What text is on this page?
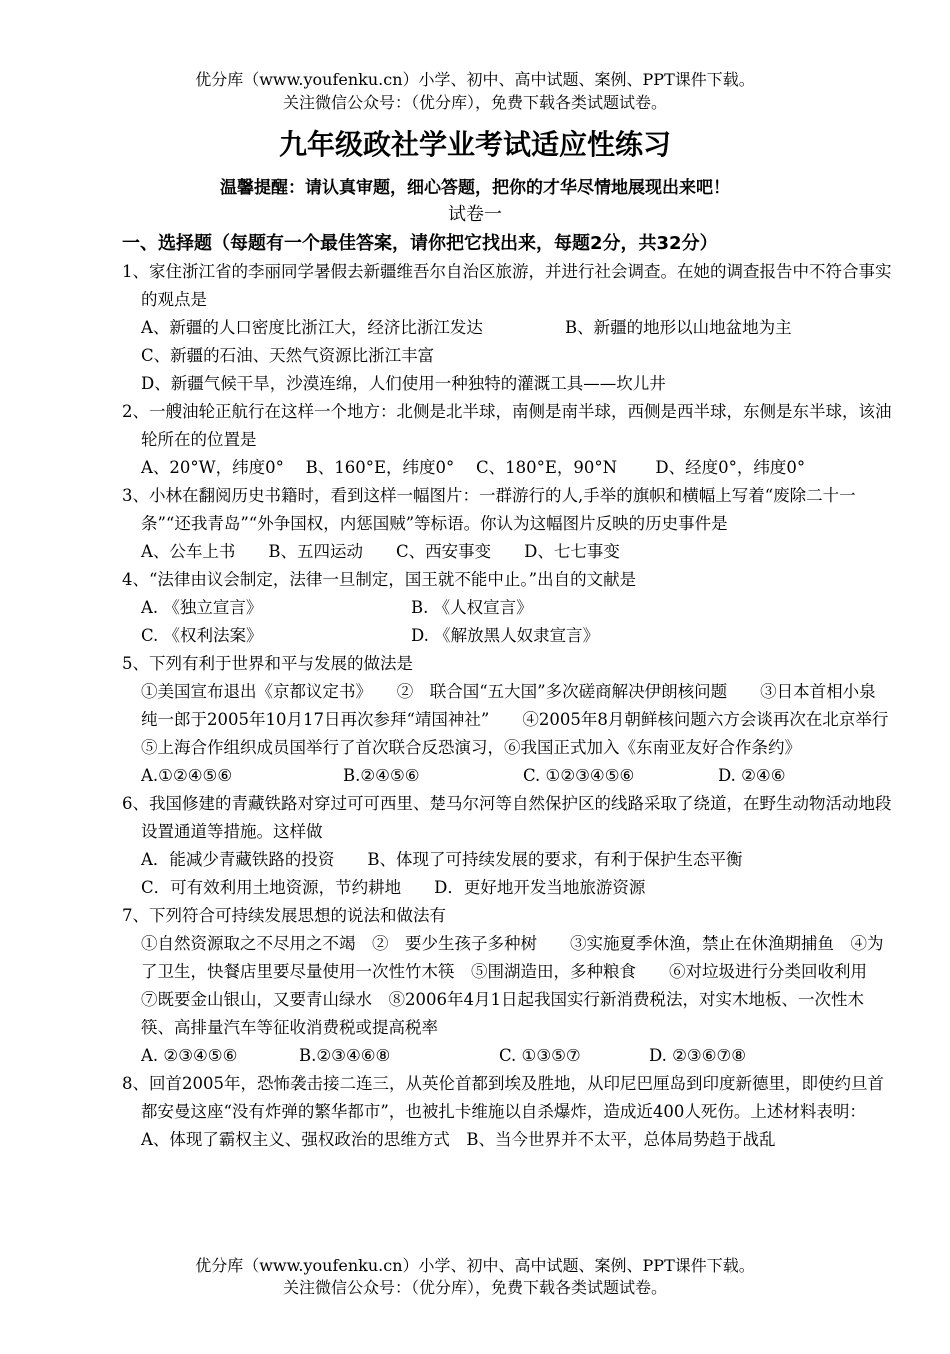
优分库（www.youfenku.cn）小学、初中、高中试题、案例、PPT课件下载。
关注微信公众号：（优分库），免费下载各类试题试卷。
九年级政社学业考试适应性练习
温馨提醒：请认真审题，细心答题，把你的才华尽情地展现出来吧！
试卷一
一、选择题（每题有一个最佳答案，请你把它找出来，每题2分，共32分）
1、家住浙江省的李丽同学暑假去新疆维吾尔自治区旅游，并进行社会调查。在她的调查报告中不符合事实的观点是
A、新疆的人口密度比浙江大，经济比浙江发达	B、新疆的地形以山地盆地为主
C、新疆的石油、天然气资源比浙江丰富
D、新疆气候干旱，沙漠连绵，人们使用一种独特的灌溉工具——坎儿井
2、一艘油轮正航行在这样一个地方：北侧是北半球，南侧是南半球，西侧是西半球，东侧是东半球，该油轮所在的位置是
A、20°W，纬度0°　 B、160°E，纬度0°　 C、180°E，90°N　　 D、经度0°，纬度0°
3、小林在翻阅历史书籍时，看到这样一幅图片：一群游行的人,手举的旗帜和横幅上写着“废除二十一条”“还我青岛”“外争国权，内惩国贼”等标语。你认为这幅图片反映的历史事件是
A、公车上书　　B、五四运动　　C、西安事变　　D、七七事变
4、“法律由议会制定，法律一旦制定，国王就不能中止。”出自的文献是
A. 《独立宣言》	B. 《人权宣言》
C. 《权利法案》	D. 《解放黑人奴隶宣言》
5、下列有利于世界和平与发展的做法是
①美国宣布退出《京都议定书》　　②　联合国“五大国”多次磋商解决伊朗核问题　　③日本首相小泉纯一郎于2005年10月17日再次参拜“靖国神社”　　④2005年8月朝鲜核问题六方会谈再次在北京举行　⑤上海合作组织成员国举行了首次联合反恐演习，⑥我国正式加入《东南亚友好合作条约》
A.①②④⑤⑥	B.②④⑤⑥	C. ①②③④⑤⑥	D. ②④⑥
6、我国修建的青藏铁路对穿过可可西里、楚马尔河等自然保护区的线路采取了绕道，在野生动物活动地段设置通道等措施。这样做
A．能减少青藏铁路的投资　　B、体现了可持续发展的要求，有利于保护生态平衡
C．可有效利用土地资源，节约耕地　　D．更好地开发当地旅游资源
7、下列符合可持续发展思想的说法和做法有
①自然资源取之不尽用之不竭　②　要少生孩子多种树　　③实施夏季休渔，禁止在休渔期捕鱼　④为了卫生，快餐店里要尽量使用一次性竹木筷　⑤围湖造田，多种粮食　　⑥对垃圾进行分类回收利用　⑦既要金山银山，又要青山绿水　⑧2006年4月1日起我国实行新消费税法，对实木地板、一次性木筷、高排量汽车等征收消费税或提高税率
A. ②③④⑤⑥	B.②③④⑥⑧	C. ①③⑤⑦	D. ②③⑥⑦⑧
8、回首2005年，恐怖袭击接二连三，从英伦首都到埃及胜地，从印尼巴厘岛到印度新德里，即使约旦首都安曼这座“没有炸弹的繁华都市”，也被扎卡维施以自杀爆炸，造成近400人死伤。上述材料表明：
A、体现了霸权主义、强权政治的思维方式　B、当今世界并不太平，总体局势趋于战乱
优分库（www.youfenku.cn）小学、初中、高中试题、案例、PPT课件下载。
关注微信公众号：（优分库），免费下载各类试题试卷。
